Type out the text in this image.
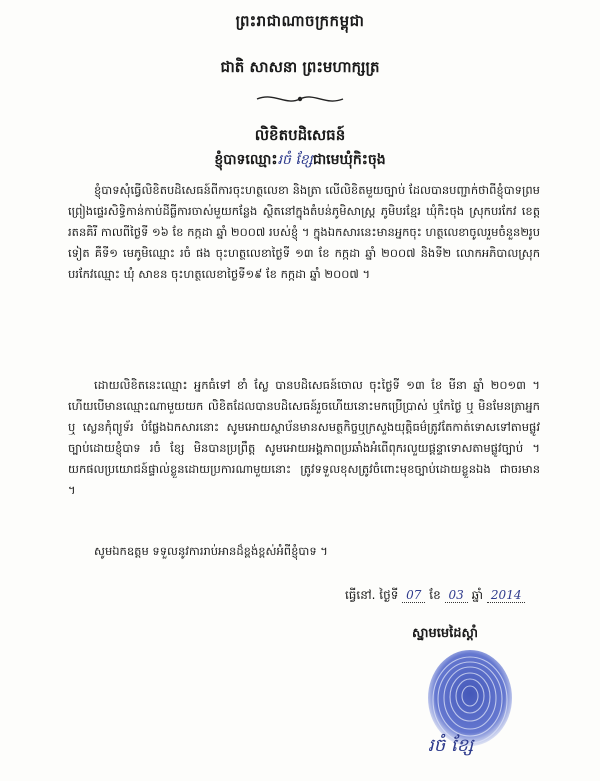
ព្រះរាជាណាចក្រកម្ពុជា
ជាតិ សាសនា ព្រះមហាក្សត្រ
លិខិតបដិសេធន៍
ខ្ញុំបាទឈ្មោះរចំ ខ្សែជាមេឃុំកិះចុង
ខ្ញុំបាទសុំធ្វើលិខិតបដិសេធន៍ពីការចុះហត្ថលេខា និងត្រា លើលិខិតមួយច្បាប់ ដែលបានបញ្ជាក់ថាពីខ្ញុំបាទព្រមព្រៀងផ្ទេរសិទ្ធិកាន់កាប់ដីធ្លីការចាស់មួយកន្លែង ស្ថិតនៅក្នុងតំបន់ភូមិសាស្ត្រ ភូមិបរខ្មែរ ឃុំកិះចុង ស្រុកបរកែវ ខេត្តរតនគិរី កាលពីថ្ងៃទី ១៦ ខែ កក្កដា ឆ្នាំ ២០០៧ របស់ខ្ញុំ ។ ក្នុងឯកសារនេះមានអ្នកចុះ ហត្ថលេខាចូលរួមចំនួន២រូបទៀត គឺទី១ មេភូមិឈ្មោះ រចំ ផង ចុះហត្ថលេខាថ្ងៃទី ១៣ ខែ កក្កដា ឆ្នាំ ២០០៧ និងទី២ លោកអភិបាលស្រុកបរកែវឈ្មោះ ឃុំ សាខន ចុះហត្ថលេខាថ្ងៃទី១៩ ខែ កក្កដា ឆ្នាំ ២០០៧ ។
ដោយលិខិតនេះឈ្មោះ អ្នកធំទៅ ខាំ ស្លែ បានបដិសេធន៍ចោល ចុះថ្ងៃទី ១៣ ខែ មីនា ឆ្នាំ ២០១៣ ។ ហើយបើមានឈ្មោះណាមួយយក លិខិតដែលបានបដិសេធន៍រួចហើយនោះមកប្រើប្រាស់ ឬកែថ្ងៃ ឬ មិនមែនត្រាអ្នក ឬ ស្លេនកុំព្យូទ័រ បំផ្លែងឯកសារនោះ សូមអោយស្ថាប័នមានសមត្ថកិច្ចឬក្រសួងយុត្តិធម៌ត្រូវតែកាត់ទោសទៅតាមផ្លូវច្បាប់ដោយខ្ញុំបាទ រចំ ខ្សែ មិនបានប្រព្រឹត្ត សូមអោយអង្គភាពប្រឆាំងអំពើពុករលួយផ្តន្ទាទោសតាមផ្លូវច្បាប់ ។ យកផលប្រយោជន៍ផ្ទាល់ខ្លួនដោយប្រការណាមួយនោះ ត្រូវទទួលខុសត្រូវចំពោះមុខច្បាប់ដោយខ្លួនឯង ជាចរមាន ។
សូមឯកឧត្តម ទទួលនូវការរាប់អានដ៏ខ្ពង់ខ្ពស់អំពីខ្ញុំបាទ ។
ធ្វើនៅ. ថ្ងៃទី 07 ខែ 03 ឆ្នាំ 2014
ស្នាមមេដៃស្ដាំ
រចំ ខ្សែ
